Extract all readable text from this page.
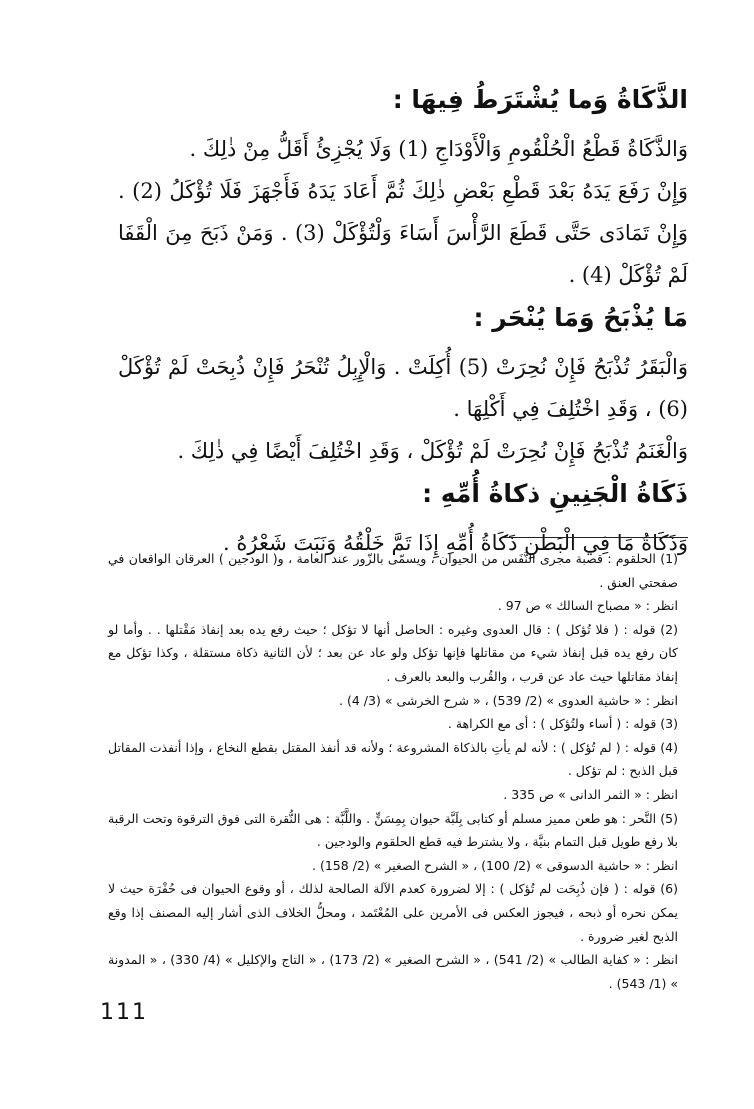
الذَّكَاةُ وَما يُشْتَرَطُ فِيهَا :

وَالذَّكَاةُ قَطْعُ الْحُلْقُومِ وَالْأَوْدَاجِ (1) وَلَا يُجْزِئُ أَقَلُّ مِنْ ذٰلِكَ .

وَإِنْ رَفَعَ يَدَهُ بَعْدَ قَطْعِ بَعْضِ ذٰلِكَ ثُمَّ أَعَادَ يَدَهُ فَأَجْهَزَ فَلَا تُؤْكَلُ (2) . وَإِنْ تَمَادَى حَتَّى قَطَعَ الرَّأْسَ أَسَاءَ وَلْتُؤْكَلْ (3) . وَمَنْ ذَبَحَ مِنَ الْقَفَا لَمْ تُؤْكَلْ (4) .

مَا يُذْبَحُ وَمَا يُنْحَر :

وَالْبَقَرُ تُذْبَحُ فَإِنْ نُحِرَتْ (5) أُكِلَتْ . وَالْإِبِلُ تُنْحَرُ فَإِنْ ذُبِحَتْ لَمْ تُؤْكَلْ (6) ، وَقَدِ اخْتُلِفَ فِي أَكْلِهَا .

وَالْغَنَمُ تُذْبَحُ فَإِنْ نُحِرَتْ لَمْ تُؤْكَلْ ، وَقَدِ اخْتُلِفَ أَيْضًا فِي ذٰلِكَ .

ذَكَاةُ الْجَنِينِ ذكاةُ أُمِّهِ :

وَذَكَاةُ مَا فِي الْبَطْنِ ذَكَاةُ أُمِّهِ إِذَا تَمَّ خَلْقُهُ وَنَبَتَ شَعْرُهُ .

(1) الحلقوم : قصبة مجرى النَّفَس من الحيوان ، ويسمّى بالزّور عند العامة ، و( الودجين ) العرقان الواقعان في صفحتي العنق .

انظر : « مصباح السالك » ص 97 .

(2) قوله : ( فلا تُؤكل ) : قال العدوى وغيره : الحاصل أنها لا تؤكل ؛ حيث رفع يده بعد إنفاذ مَقْتلها . . وأما لو كان رفع يده قبل إنفاذ شيء من مقاتلها فإنها تؤكل ولو عاد عن بعد ؛ لأن الثانية ذكاة مستقلة ، وكذا تؤكل مع إنفاذ مقاتلها حيث عاد عن قرب ، والقُرب والبعد بالعرف .

انظر : « حاشية العدوى » (2/ 539) ، « شرح الخرشى » (3/ 4) .

(3) قوله : ( أساء ولتُؤكل ) : أى مع الكراهة .

(4) قوله : ( لم تُؤكل ) : لأنه لم يأتِ بالذكاة المشروعة ؛ ولأنه قد أنفذ المقتل بقطع النخاع ، وإذا أنفذت المقاتل قبل الذبح : لم تؤكل .

انظر : « الثمر الدانى » ص 335 .

(5) النَّحر : هو طعن مميز مسلم أو كتابى بِلَبَّة حيوان بِمِسَنٍّ . واللَّبَّة : هى النُّقرة التى فوق الترقوة وتحت الرقبة بلا رفع طويل قبل التمام بنيَّة ، ولا يشترط فيه قطع الحلقوم والودجين .

انظر : « حاشية الدسوقى » (2/ 100) ، « الشرح الصغير » (2/ 158) .

(6) قوله : ( فإن ذُبِحَت لم تُؤكل ) : إلا لضرورة كعدم الآلة الصالحة لذلك ، أو وقوع الحيوان فى حُفْرَة حيث لا يمكن نحره أو ذبحه ، فيجوز العكس فى الأمرين على المُعْتَمد ، ومحلُّ الخلاف الذى أشار إليه المصنف إذا وقع الذبح لغير ضرورة .

انظر : « كفاية الطالب » (2/ 541) ، « الشرح الصغير » (2/ 173) ، « التاج والإكليل » (4/ 330) ، « المدونة » (1/ 543) .

111
